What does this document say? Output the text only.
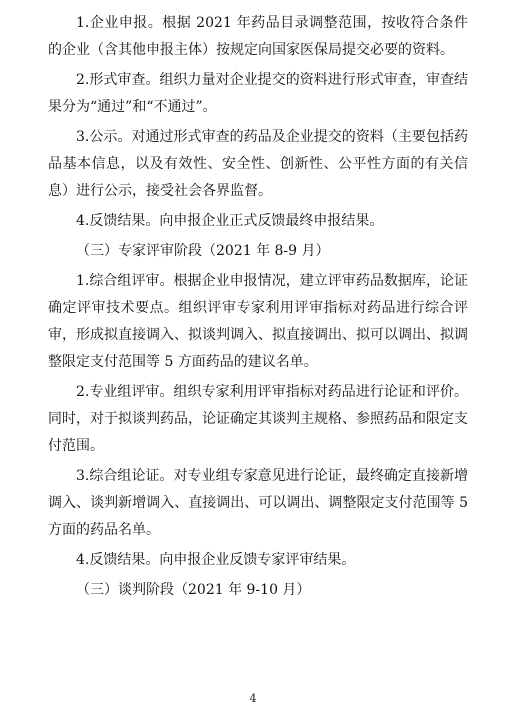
1.企业申报。根据 2021 年药品目录调整范围，按收符合条件的企业（含其他申报主体）按规定向国家医保局提交必要的资料。

2.形式审查。组织力量对企业提交的资料进行形式审查，审查结果分为“通过”和“不通过”。

3.公示。对通过形式审查的药品及企业提交的资料（主要包括药品基本信息，以及有效性、安全性、创新性、公平性方面的有关信息）进行公示，接受社会各界监督。

4.反馈结果。向申报企业正式反馈最终申报结果。

（三）专家评审阶段（2021 年 8-9 月）

1.综合组评审。根据企业申报情况，建立评审药品数据库，论证确定评审技术要点。组织评审专家利用评审指标对药品进行综合评审，形成拟直接调入、拟谈判调入、拟直接调出、拟可以调出、拟调整限定支付范围等 5 方面药品的建议名单。

2.专业组评审。组织专家利用评审指标对药品进行论证和评价。同时，对于拟谈判药品，论证确定其谈判主规格、参照药品和限定支付范围。

3.综合组论证。对专业组专家意见进行论证，最终确定直接新增调入、谈判新增调入、直接调出、可以调出、调整限定支付范围等 5 方面的药品名单。

4.反馈结果。向申报企业反馈专家评审结果。

（三）谈判阶段（2021 年 9-10 月）

4
